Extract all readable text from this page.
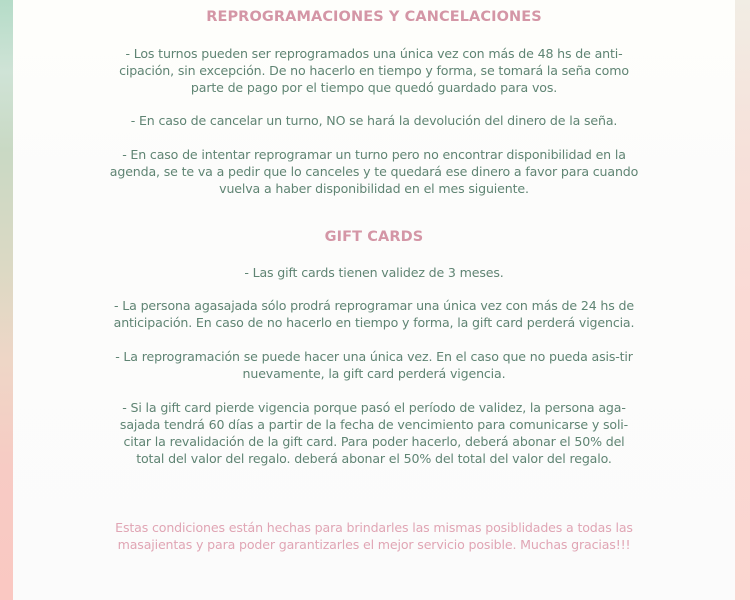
REPROGRAMACIONES Y CANCELACIONES

- Los turnos pueden ser reprogramados una única vez con más de 48 hs de anti-cipación, sin excepción. De no hacerlo en tiempo y forma, se tomará la seña como parte de pago por el tiempo que quedó guardado para vos.

- En caso de cancelar un turno, NO se hará la devolución del dinero de la seña.

- En caso de intentar reprogramar un turno pero no encontrar disponibilidad en la agenda, se te va a pedir que lo canceles y te quedará ese dinero a favor para cuando vuelva a haber disponibilidad en el mes siguiente.

GIFT CARDS

- Las gift cards tienen validez de 3 meses.

- La persona agasajada sólo prodrá reprogramar una única vez con más de 24 hs de anticipación. En caso de no hacerlo en tiempo y forma, la gift card perderá vigencia.

- La reprogramación se puede hacer una única vez. En el caso que no pueda asis-tir nuevamente, la gift card perderá vigencia.

- Si la gift card pierde vigencia porque pasó el período de validez, la persona aga-sajada tendrá 60 días a partir de la fecha de vencimiento para comunicarse y soli-citar la revalidación de la gift card. Para poder hacerlo, deberá abonar el 50% del total del valor del regalo. deberá abonar el 50% del total del valor del regalo.

Estas condiciones están hechas para brindarles las mismas posiblidades a todas las masajientas y para poder garantizarles el mejor servicio posible. Muchas gracias!!!
